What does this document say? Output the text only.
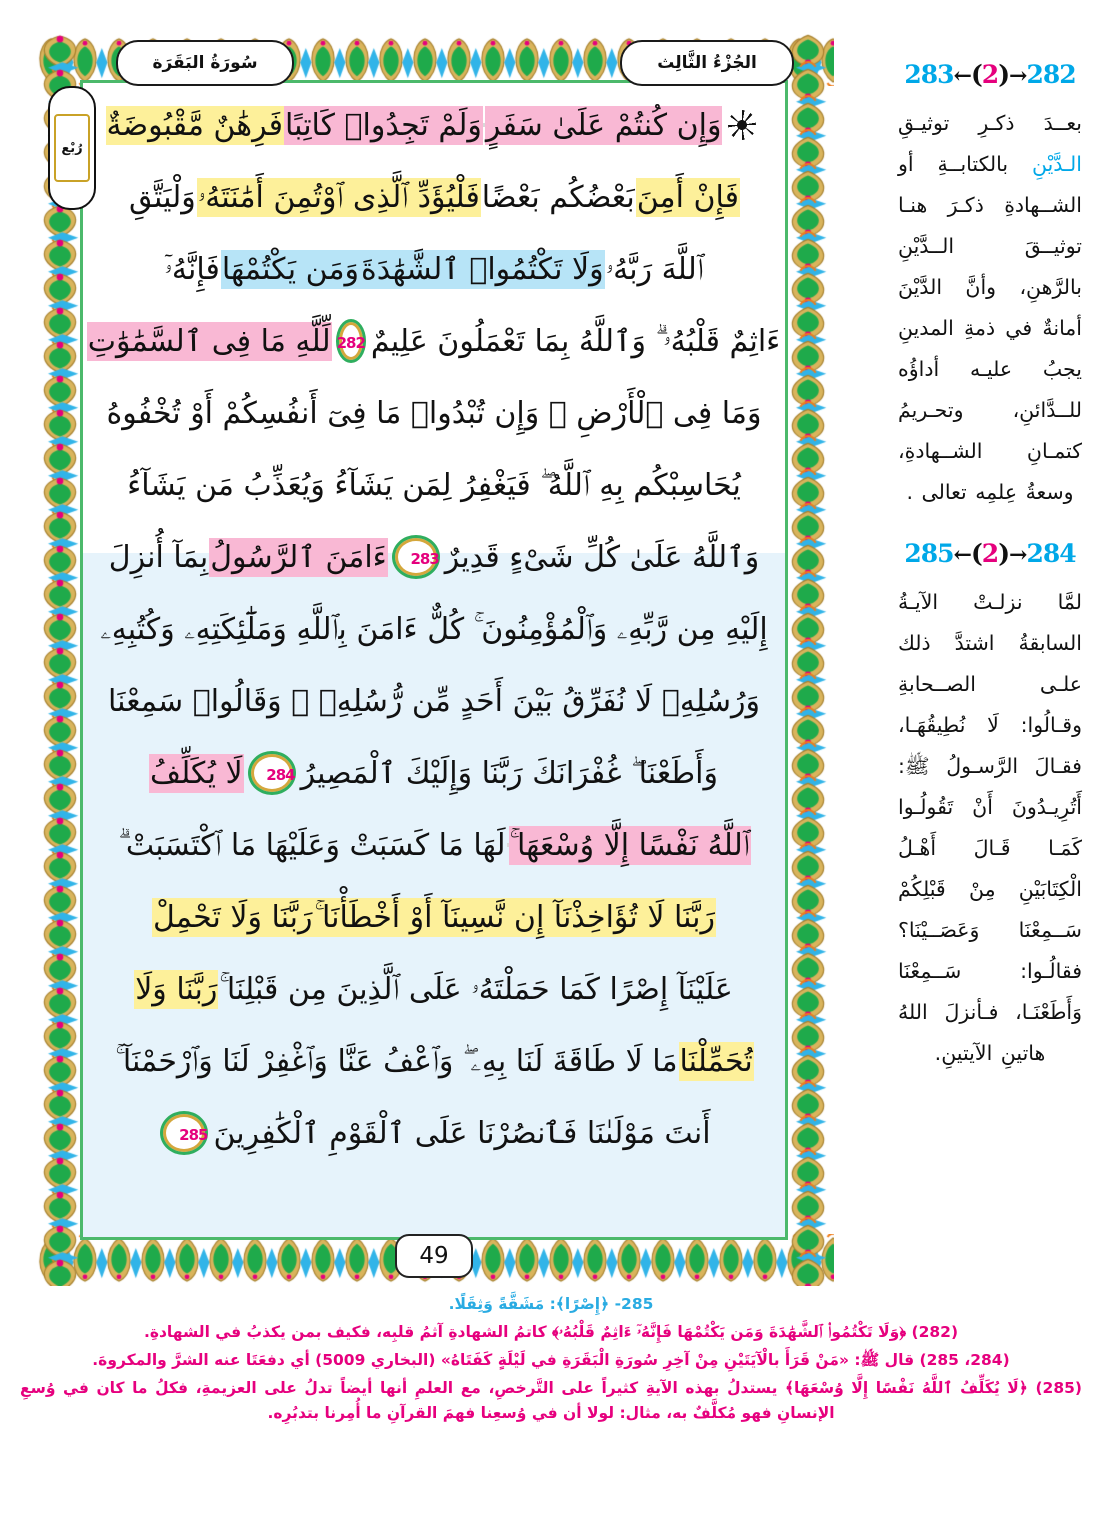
283←(2)→282
بعــدَ ذكـرِ توثيـقِ الـدَّيْنِ بالكتابــةِ أو الشــهادةِ ذكـرَ هنـا توثيــقَ الــدَّيْنِ بالرَّهنِ، وأنَّ الدَّيْنَ أمانةٌ في ذمةِ المدينِ يجبُ عليـه أداؤُه للــدَّائنِ، وتحـريمُ كتمـانِ الشــهادةِ، وسعةُ عِلمِه تعالى .
285←(2)→284
لمَّا نزلـتْ الآيـةُ السابقةُ اشتدَّ ذلك علـى الصــحابةِ وقـالُوا: لَا نُطِيقُهَـا، فقـالَ الرَّسـولُ ﷺ: أَتُرِيـدُونَ أَنْ تَقُولُـوا كَمَـا قَـالَ أَهْـلُ الْكِتَابَيْنِ مِنْ قَبْلِكُمْ سَــمِعْنَا وَعَصَــيْنَا؟ فقالُـوا: سَــمِعْنَا وَأَطَعْنَـا، فـأنزلَ اللهُ هاتينِ الآيتينِ.
سُورَةُ البَقَرَة	الجُزْءُ الثَّالِث
وَإِن كُنتُمْ عَلَىٰ سَفَرٍ
وَلَمْ تَجِدُوا۟ كَاتِبًا
فَرِهَٰنٌ مَّقْبُوضَةٌ
فَإِنْ أَمِنَ
بَعْضُكُم بَعْضًا
فَلْيُؤَدِّ ٱلَّذِى ٱوْتُمِنَ أَمَٰنَتَهُۥ
وَلْيَتَّقِ
ٱللَّهَ رَبَّهُۥ
وَلَا تَكْتُمُوا۟ ٱلشَّهَٰدَةَ
وَمَن يَكْتُمْهَا
فَإِنَّهُۥٓ
ءَاثِمٌ قَلْبُهُۥ ۗ وَٱللَّهُ بِمَا تَعْمَلُونَ عَلِيمٌ
282
لِّلَّهِ مَا فِى ٱلسَّمَٰوَٰتِ
وَمَا فِى ٱلْأَرْضِ ۗ وَإِن تُبْدُوا۟ مَا فِىٓ أَنفُسِكُمْ أَوْ تُخْفُوهُ
يُحَاسِبْكُم بِهِ ٱللَّهُ ۖ فَيَغْفِرُ لِمَن يَشَآءُ وَيُعَذِّبُ مَن يَشَآءُ
وَٱللَّهُ عَلَىٰ كُلِّ شَىْءٍ قَدِيرٌ
283
ءَامَنَ ٱلرَّسُولُ
بِمَآ أُنزِلَ
إِلَيْهِ مِن رَّبِّهِۦ وَٱلْمُؤْمِنُونَ ۚ كُلٌّ ءَامَنَ بِٱللَّهِ وَمَلَٰٓئِكَتِهِۦ وَكُتُبِهِۦ
وَرُسُلِهِۦ لَا نُفَرِّقُ بَيْنَ أَحَدٍ مِّن رُّسُلِهِۦ ۚ وَقَالُوا۟ سَمِعْنَا
وَأَطَعْنَا ۖ غُفْرَانَكَ رَبَّنَا وَإِلَيْكَ ٱلْمَصِيرُ
284
لَا يُكَلِّفُ
ٱللَّهُ نَفْسًا إِلَّا وُسْعَهَا ۚ
لَهَا مَا كَسَبَتْ وَعَلَيْهَا مَا ٱكْتَسَبَتْ ۗ
رَبَّنَا لَا تُؤَاخِذْنَآ إِن نَّسِينَآ أَوْ أَخْطَأْنَا ۚ
رَبَّنَا وَلَا تَحْمِلْ
عَلَيْنَآ إِصْرًا كَمَا حَمَلْتَهُۥ عَلَى ٱلَّذِينَ مِن قَبْلِنَا ۚ
رَبَّنَا وَلَا
تُحَمِّلْنَا
مَا لَا طَاقَةَ لَنَا بِهِۦ ۖ وَٱعْفُ عَنَّا وَٱغْفِرْ لَنَا وَٱرْحَمْنَآ ۚ
أَنتَ مَوْلَىٰنَا فَٱنصُرْنَا عَلَى ٱلْقَوْمِ ٱلْكَٰفِرِينَ
285
رُبْع
49
285- ﴿إِصْرًا﴾: مَشَقَّةً وَثِقَلًا.
(282) ﴿وَلَا تَكْتُمُوا۟ ٱلشَّهَٰدَةَ وَمَن يَكْتُمْهَا فَإِنَّهُۥٓ ءَاثِمٌ قَلْبُهُۥ﴾ كاتمُ الشهادةِ آثمُ قلبِه، فكيف بمن يكذبُ في الشهادةِ.
(284، 285) قال ﷺ: «مَنْ قَرَأَ بالْآيَتَيْنِ مِنْ آخِرِ سُورَةِ الْبَقَرَةِ في لَيْلَةٍ كَفَتَاهُ» (البخاري 5009) أي دفعَتَا عنه الشرَّ والمكروهَ.
(285) ﴿لَا يُكَلِّفُ ٱللَّهُ نَفْسًا إِلَّا وُسْعَهَا﴾ يستدلُ بهذه الآيةِ كثيراً على التَّرخصِ، مع العلمِ أنها أيضاً تدلُ على العزيمةِ، فكلُ ما كان في وُسعِ الإنسانِ فهو مُكلَّفٌ به، مثال: لولا أن في وُسعِنا فهمَ القرآنِ ما أُمِرنا بتدبُرِه.
